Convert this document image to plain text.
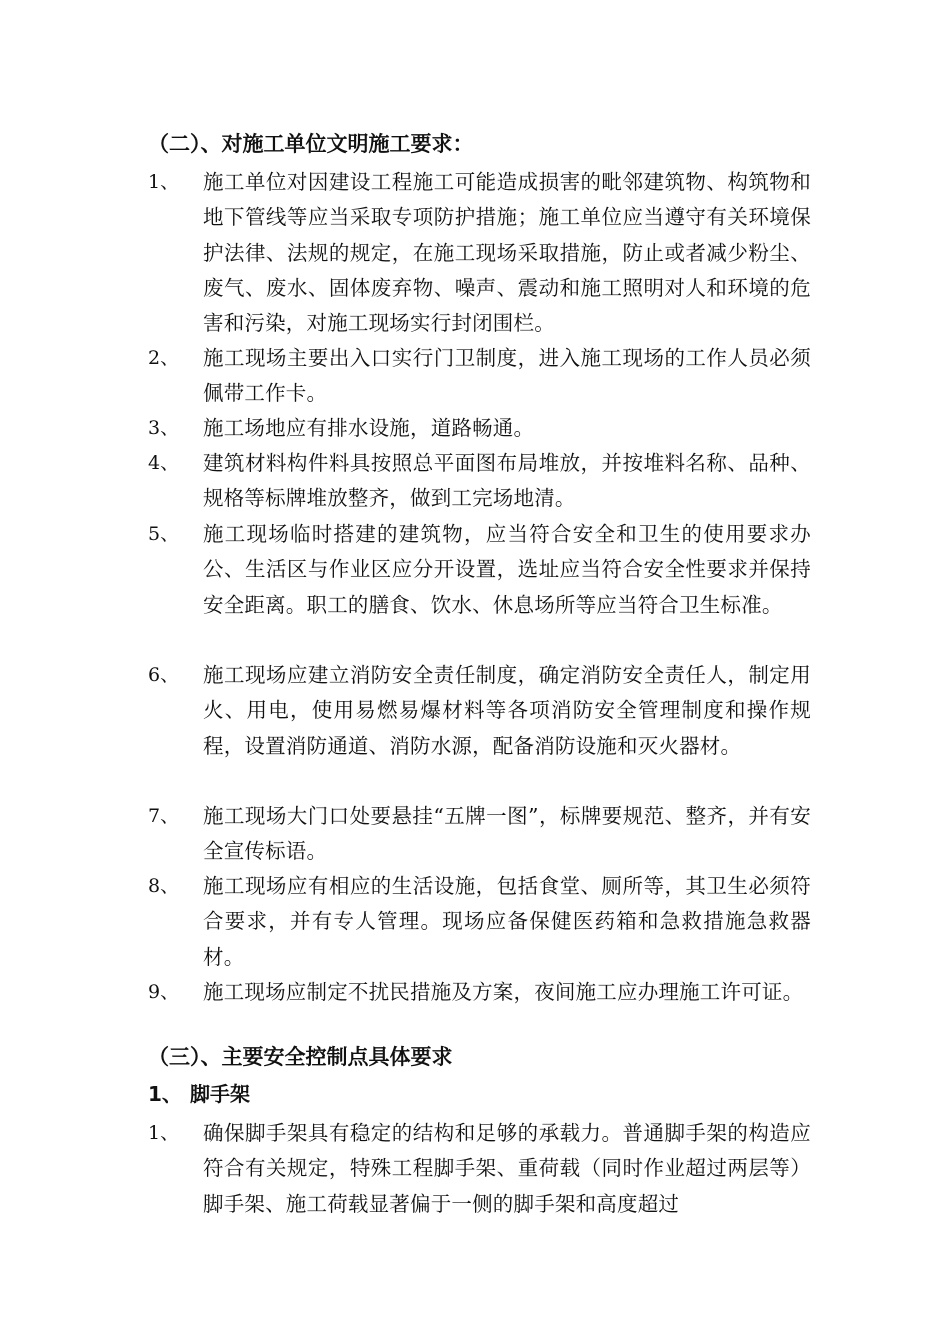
（二）、对施工单位文明施工要求：
1、 施工单位对因建设工程施工可能造成损害的毗邻建筑物、构筑物和地下管线等应当采取专项防护措施；施工单位应当遵守有关环境保护法律、法规的规定，在施工现场采取措施，防止或者减少粉尘、废气、废水、固体废弃物、噪声、震动和施工照明对人和环境的危害和污染，对施工现场实行封闭围栏。
2、 施工现场主要出入口实行门卫制度，进入施工现场的工作人员必须佩带工作卡。
3、 施工场地应有排水设施，道路畅通。
4、 建筑材料构件料具按照总平面图布局堆放，并按堆料名称、品种、规格等标牌堆放整齐，做到工完场地清。
5、 施工现场临时搭建的建筑物，应当符合安全和卫生的使用要求办公、生活区与作业区应分开设置，选址应当符合安全性要求并保持安全距离。职工的膳食、饮水、休息场所等应当符合卫生标准。
6、 施工现场应建立消防安全责任制度，确定消防安全责任人，制定用火、用电，使用易燃易爆材料等各项消防安全管理制度和操作规程，设置消防通道、消防水源，配备消防设施和灭火器材。
7、 施工现场大门口处要悬挂“五牌一图”，标牌要规范、整齐，并有安全宣传标语。
8、 施工现场应有相应的生活设施，包括食堂、厕所等，其卫生必须符合要求，并有专人管理。现场应备保健医药箱和急救措施急救器材。
9、 施工现场应制定不扰民措施及方案，夜间施工应办理施工许可证。
（三）、主要安全控制点具体要求
1、 脚手架
1、 确保脚手架具有稳定的结构和足够的承载力。普通脚手架的构造应符合有关规定，特殊工程脚手架、重荷载（同时作业超过两层等）脚手架、施工荷载显著偏于一侧的脚手架和高度超过
